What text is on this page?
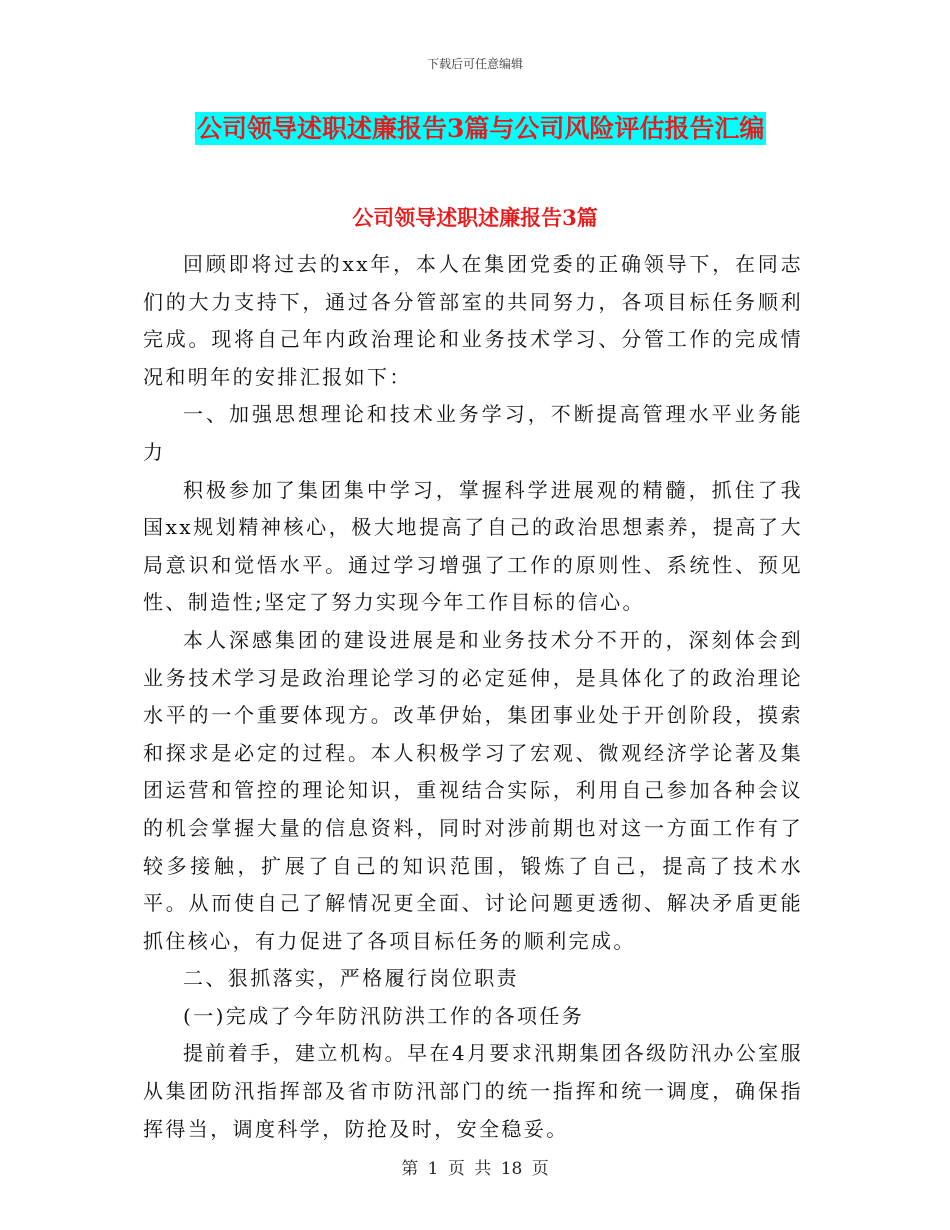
下载后可任意编辑
公司领导述职述廉报告3篇与公司风险评估报告汇编
公司领导述职述廉报告3篇

回顾即将过去的xx年，本人在集团党委的正确领导下，在同志们的大力支持下，通过各分管部室的共同努力，各项目标任务顺利完成。现将自己年内政治理论和业务技术学习、分管工作的完成情况和明年的安排汇报如下：

一、加强思想理论和技术业务学习，不断提高管理水平业务能力

积极参加了集团集中学习，掌握科学进展观的精髓，抓住了我国xx规划精神核心，极大地提高了自己的政治思想素养，提高了大局意识和觉悟水平。通过学习增强了工作的原则性、系统性、预见性、制造性;坚定了努力实现今年工作目标的信心。

本人深感集团的建设进展是和业务技术分不开的，深刻体会到业务技术学习是政治理论学习的必定延伸，是具体化了的政治理论水平的一个重要体现方。改革伊始，集团事业处于开创阶段，摸索和探求是必定的过程。本人积极学习了宏观、微观经济学论著及集团运营和管控的理论知识，重视结合实际，利用自己参加各种会议的机会掌握大量的信息资料，同时对涉前期也对这一方面工作有了较多接触，扩展了自己的知识范围，锻炼了自己，提高了技术水平。从而使自己了解情况更全面、讨论问题更透彻、解决矛盾更能抓住核心，有力促进了各项目标任务的顺利完成。

二、狠抓落实，严格履行岗位职责

(一)完成了今年防汛防洪工作的各项任务

提前着手，建立机构。早在4月要求汛期集团各级防汛办公室服从集团防汛指挥部及省市防汛部门的统一指挥和统一调度，确保指挥得当，调度科学，防抢及时，安全稳妥。

第 1 页 共 18 页
